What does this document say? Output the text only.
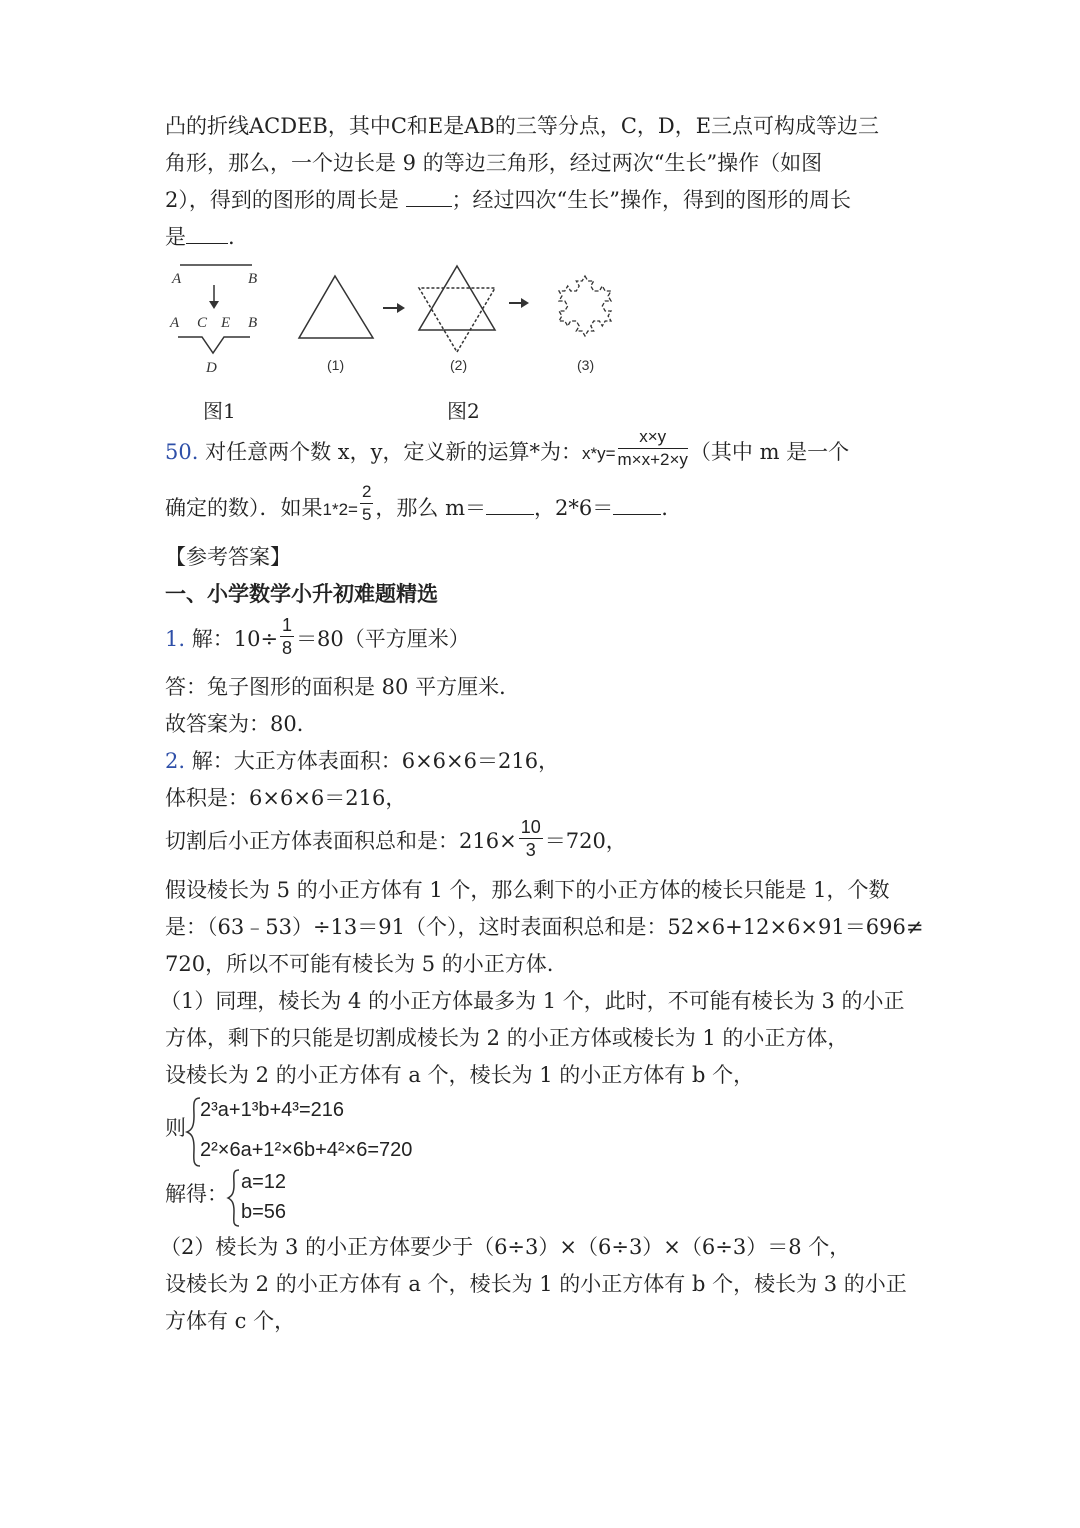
凸的折线ACDEB，其中C和E是AB的三等分点，C，D，E三点可构成等边三
角形，那么，一个边长是 9 的等边三角形，经过两次“生长”操作（如图
2），得到的图形的周长是 ；经过四次“生长”操作，得到的图形的周长
是 .
A	B
A C E B
D
图1
(1)	(2)	(3)
图2
50. 对任意两个数 x，y，定义新的运算*为：$x*y= \frac{x\times y}{m\times x+2\times y}$ （其中 m 是一个
确定的数）．如果$1*2= \frac{2}{5}$ ，那么 m＝ ，2*6＝ .
【参考答案】
一、小学数学小升初难题精选
1. 解：$10\div \frac{1}{8} =80$（平方厘米）
答：兔子图形的面积是 80 平方厘米．
故答案为：80．
2. 解：大正方体表面积：6×6×6＝216，
体积是：6×6×6＝216，
切割后小正方体表面积总和是：$216\times \frac{10}{3} =720$，
假设棱长为 5 的小正方体有 1 个，那么剩下的小正方体的棱长只能是 1，个数
是：（63﹣53）÷13＝91（个），这时表面积总和是：52×6+12×6×91＝696≠
720，所以不可能有棱长为 5 的小正方体.
（1）同理，棱长为 4 的小正方体最多为 1 个，此时，不可能有棱长为 3 的小正
方体，剩下的只能是切割成棱长为 2 的小正方体或棱长为 1 的小正方体，
设棱长为 2 的小正方体有 a 个，棱长为 1 的小正方体有 b 个，
则
2³a+1³b+4³=216
2²×6a+1²×6b+4²×6=720
解得： a=12
b=56
（2）棱长为 3 的小正方体要少于（6÷3）×（6÷3）×（6÷3）＝8 个，
设棱长为 2 的小正方体有 a 个，棱长为 1 的小正方体有 b 个，棱长为 3 的小正
方体有 c 个，
